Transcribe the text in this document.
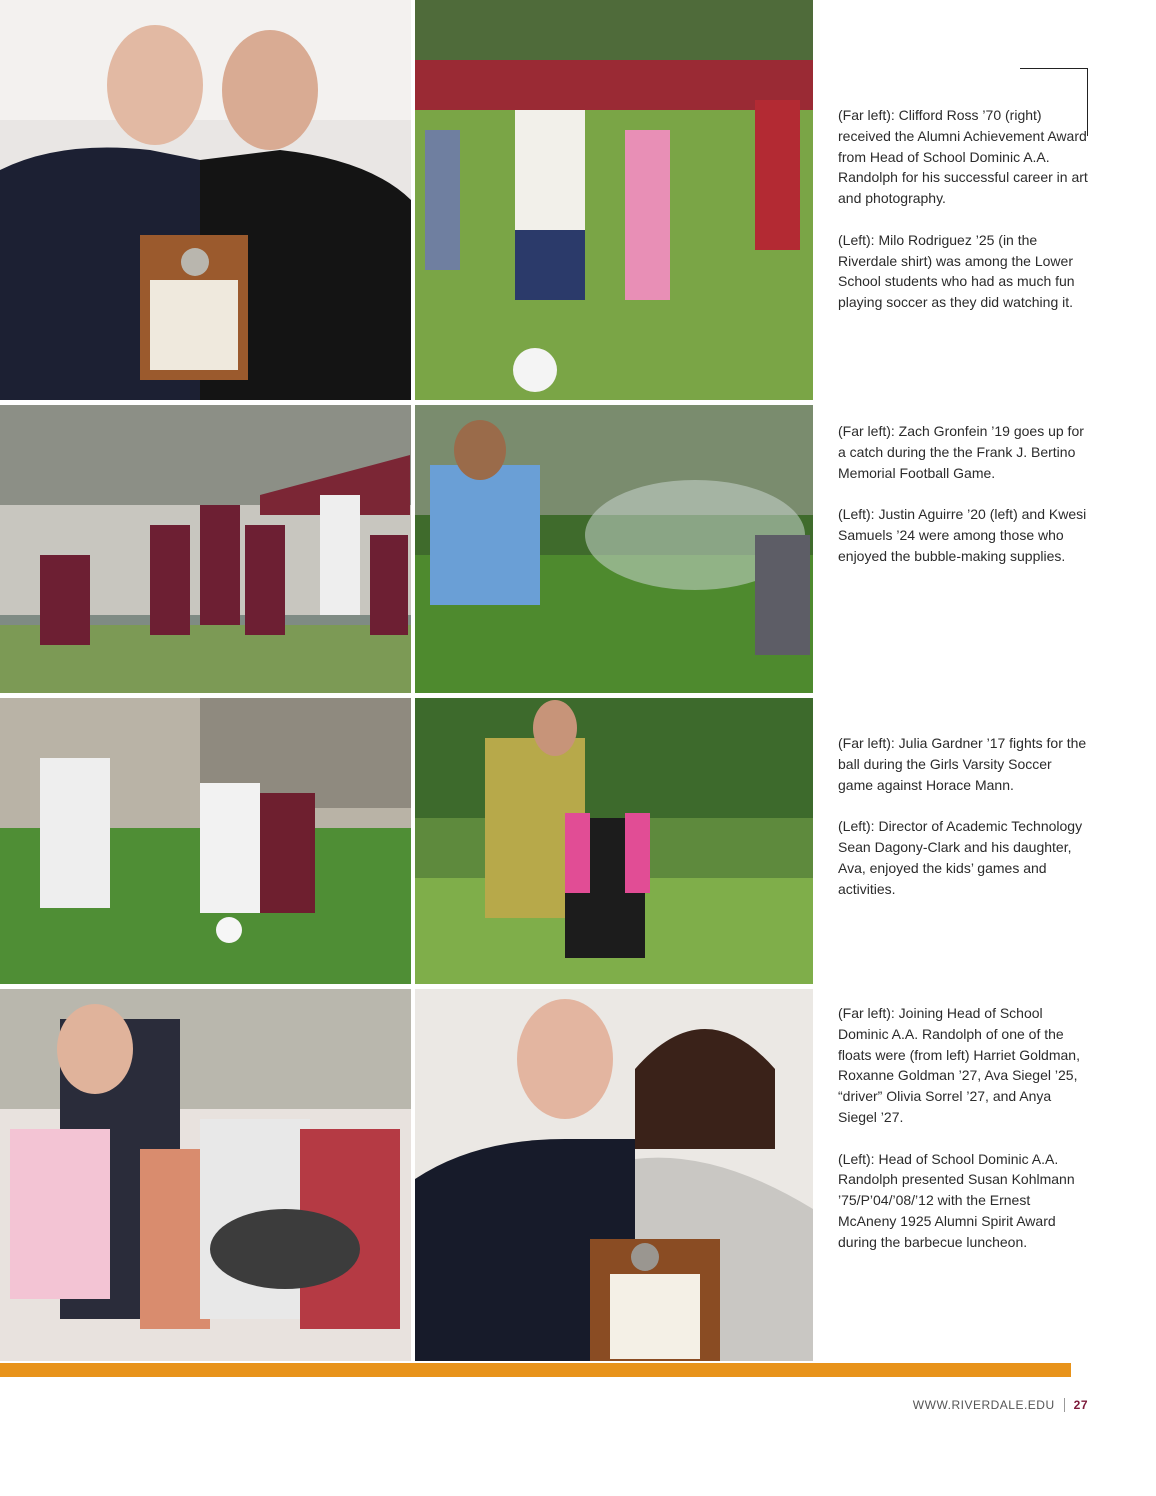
(Far left): Clifford Ross ’70 (right) received the Alumni Achievement Award from Head of School Dominic A.A. Randolph for his successful career in art and photography.

(Left): Milo Rodriguez ’25 (in the Riverdale shirt) was among the Lower School students who had as much fun playing soccer as they did watching it.

(Far left): Zach Gronfein ’19 goes up for a catch during the the Frank J. Bertino Memorial Football Game.

(Left): Justin Aguirre ’20 (left) and Kwesi Samuels ’24 were among those who enjoyed the bubble-making supplies.

(Far left): Julia Gardner ’17 fights for the ball during the Girls Varsity Soccer game against Horace Mann.

(Left): Director of Academic Technology Sean Dagony-Clark and his daughter, Ava, enjoyed the kids’ games and activities.

(Far left): Joining Head of School Dominic A.A. Randolph of one of the floats were (from left) Harriet Goldman, Roxanne Goldman ’27, Ava Siegel ’25, “driver” Olivia Sorrel ’27, and Anya Siegel ’27.

(Left): Head of School Dominic A.A. Randolph presented Susan Kohlmann ’75/P’04/’08/’12 with the Ernest McAneny 1925 Alumni Spirit Award during the barbecue luncheon.

WWW.RIVERDALE.EDU 27
